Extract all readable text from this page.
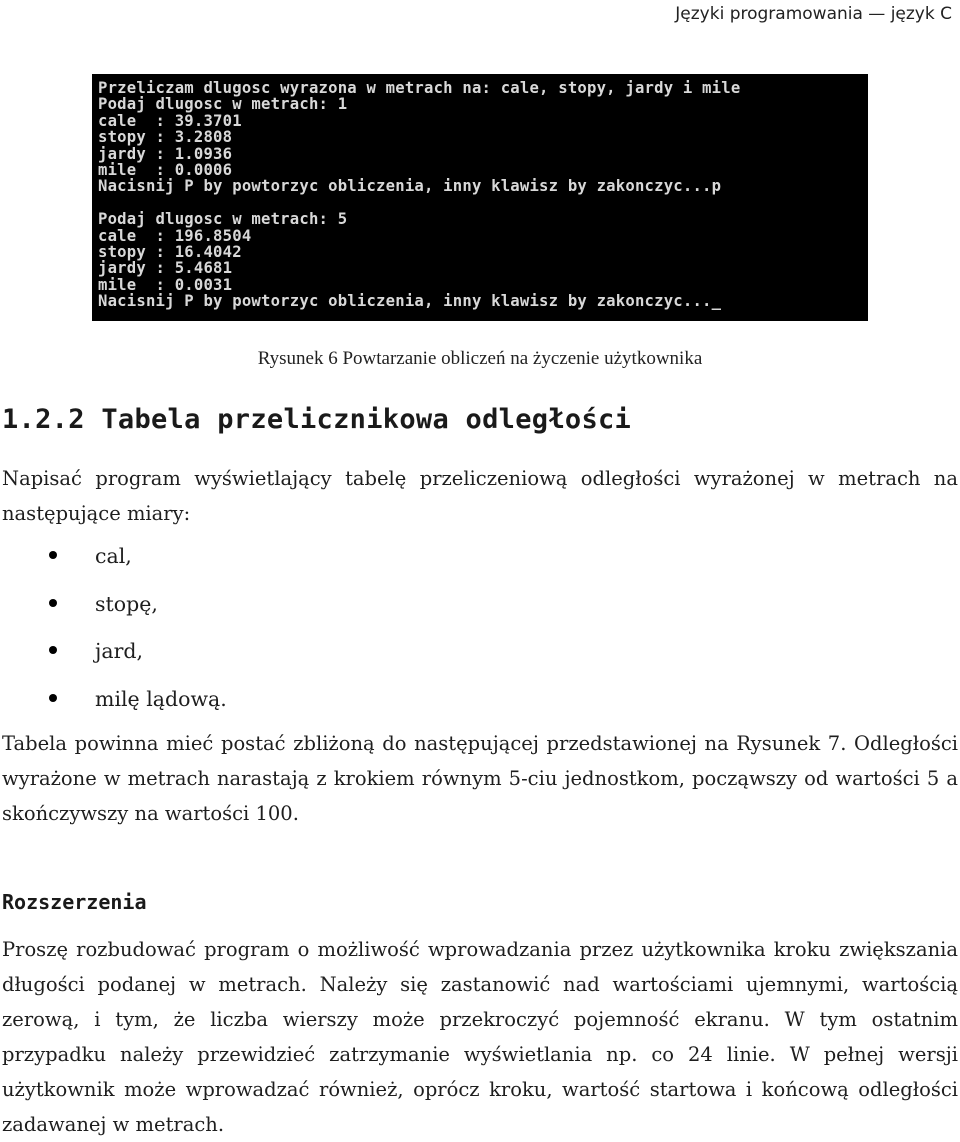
Języki programowania — język C
Przeliczam dlugosc wyrazona w metrach na: cale, stopy, jardy i mile
Podaj dlugosc w metrach: 1
cale  : 39.3701
stopy : 3.2808
jardy : 1.0936
mile  : 0.0006
Nacisnij P by powtorzyc obliczenia, inny klawisz by zakonczyc...p
Podaj dlugosc w metrach: 5
cale  : 196.8504
stopy : 16.4042
jardy : 5.4681
mile  : 0.0031
Nacisnij P by powtorzyc obliczenia, inny klawisz by zakonczyc..._
Rysunek 6 Powtarzanie obliczeń na życzenie użytkownika
1.2.2 Tabela przelicznikowa odległości

Napisać program wyświetlający tabelę przeliczeniową odległości wyrażonej w metrach na następujące miary:

cal,
stopę,
jard,
milę lądową.

Tabela powinna mieć postać zbliżoną do następującej przedstawionej na Rysunek 7. Odległości wyrażone w metrach narastają z krokiem równym 5-ciu jednostkom, począwszy od wartości 5 a skończywszy na wartości 100.

Rozszerzenia

Proszę rozbudować program o możliwość wprowadzania przez użytkownika kroku zwiększania długości podanej w metrach. Należy się zastanowić nad wartościami ujemnymi, wartością zerową, i tym, że liczba wierszy może przekroczyć pojemność ekranu. W tym ostatnim przypadku należy przewidzieć zatrzymanie wyświetlania np. co 24 linie. W pełnej wersji użytkownik może wprowadzać również, oprócz kroku, wartość startowa i końcową odległości zadawanej w metrach.
